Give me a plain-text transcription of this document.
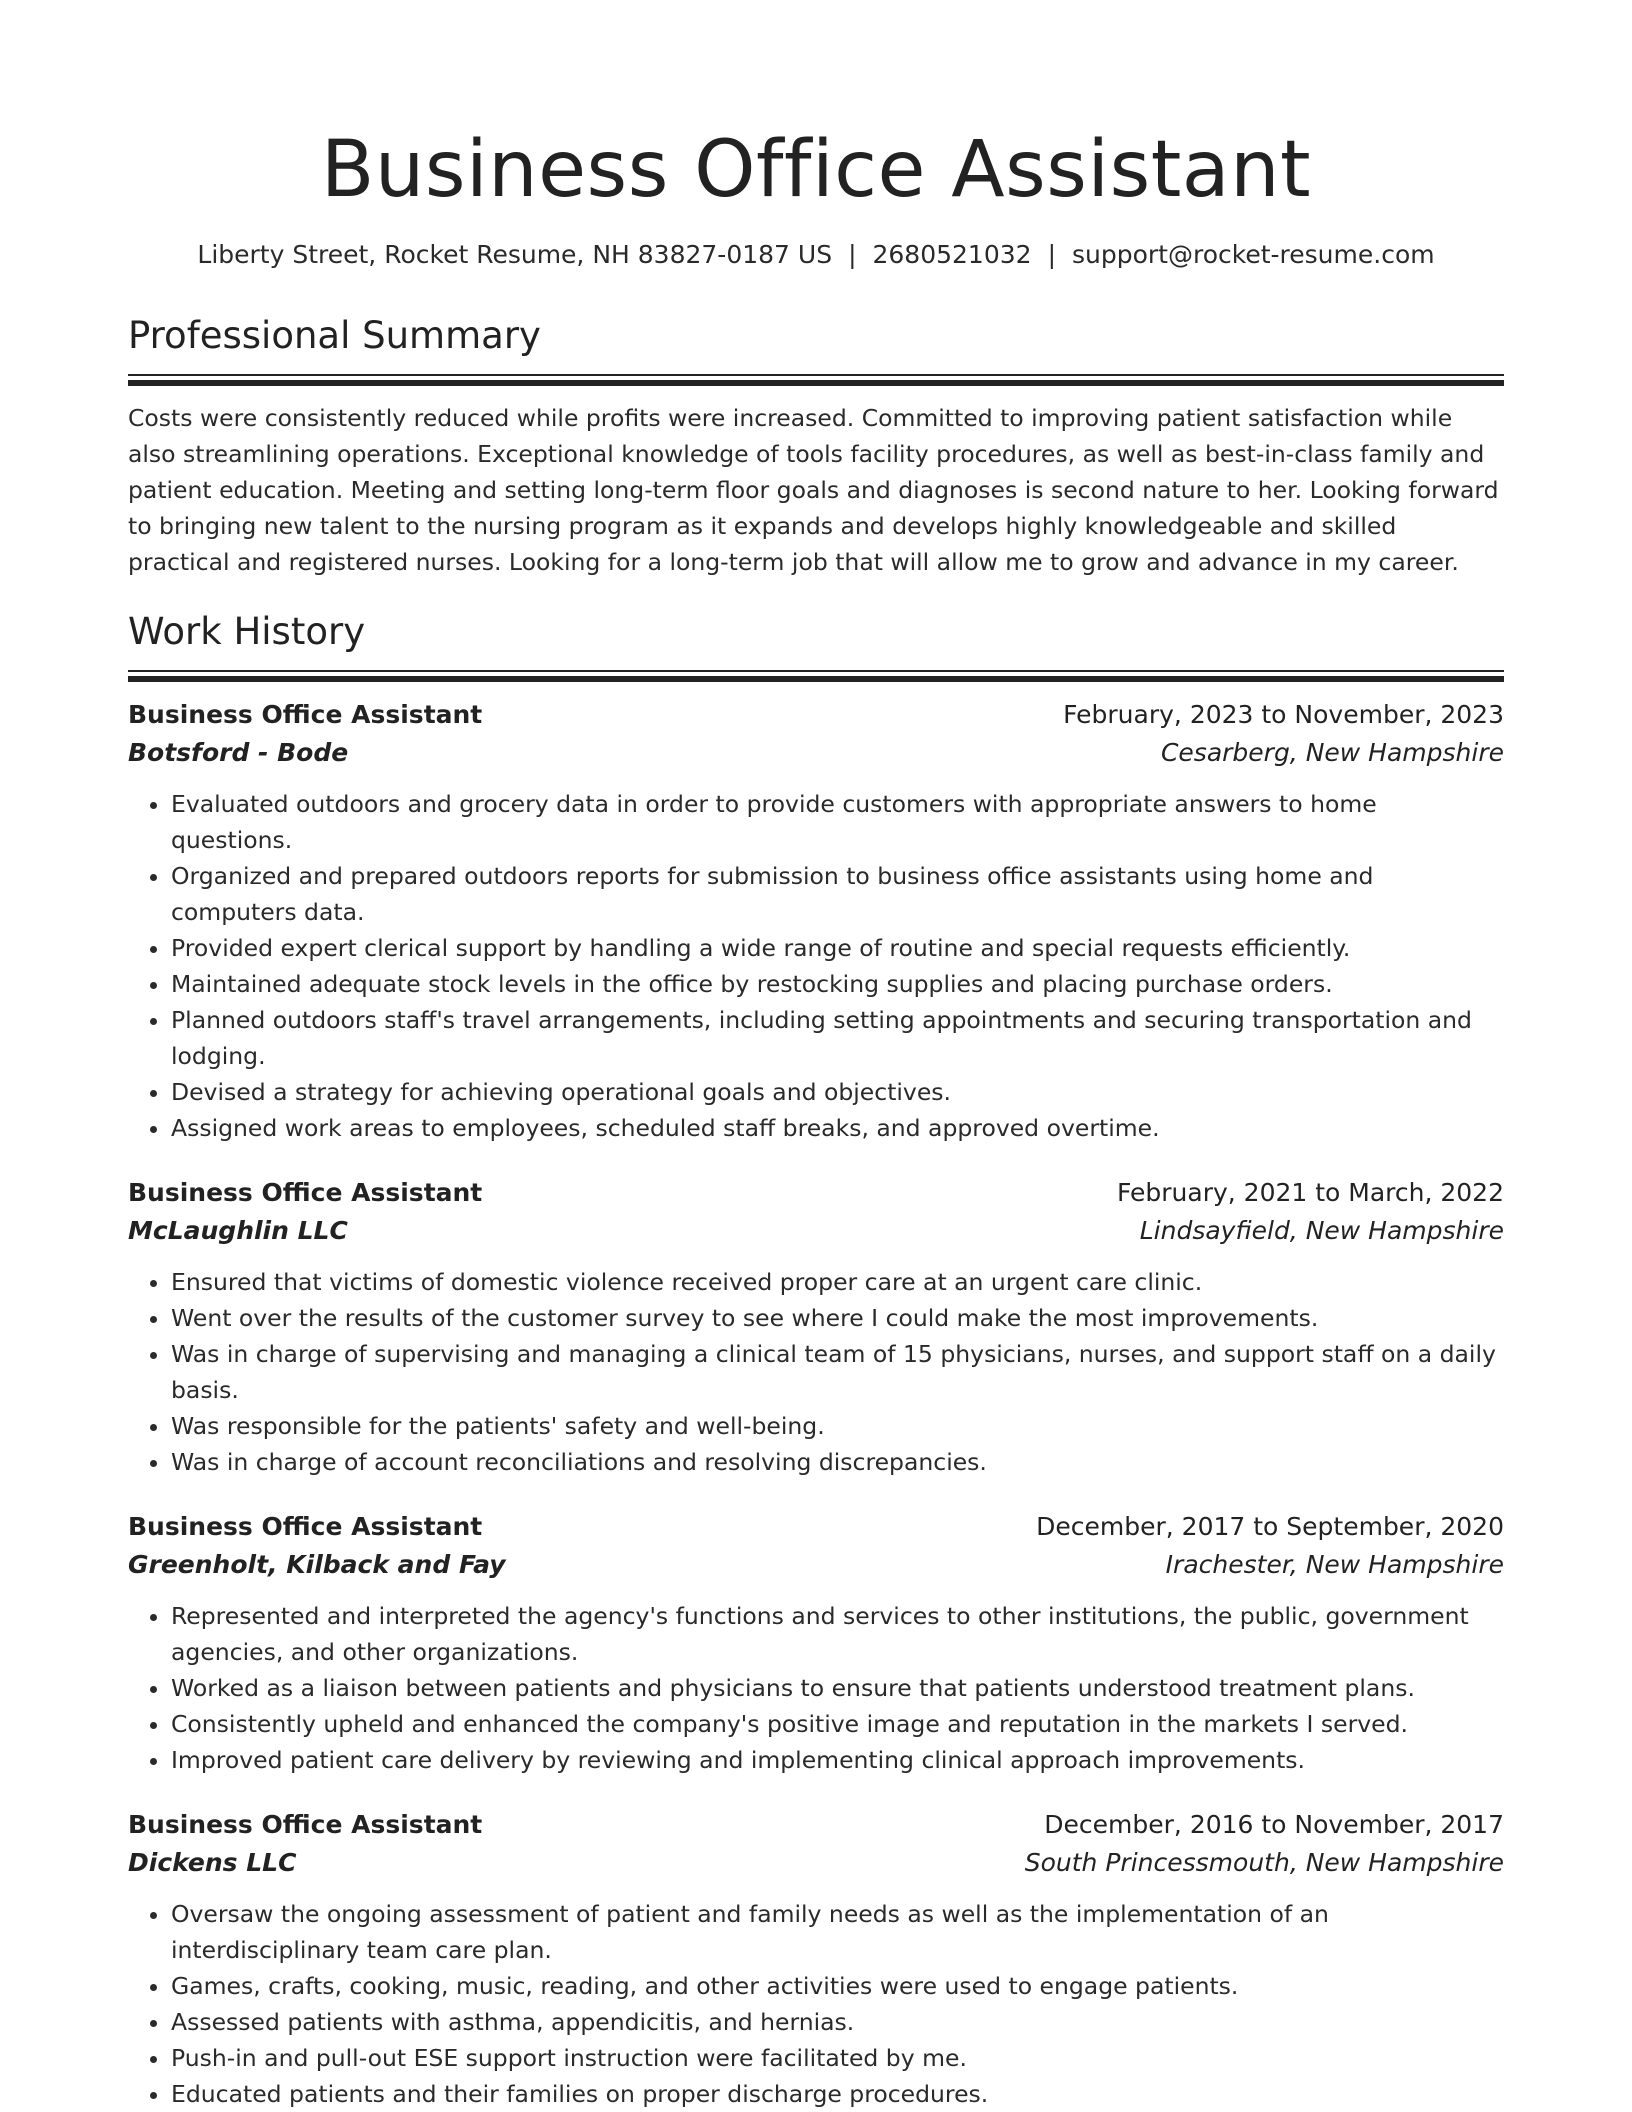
Business Office Assistant
Liberty Street, Rocket Resume, NH 83827-0187 US | 2680521032 | support@rocket-resume.com
Professional Summary

Costs were consistently reduced while profits were increased. Committed to improving patient satisfaction while also streamlining operations. Exceptional knowledge of tools facility procedures, as well as best-in-class family and patient education. Meeting and setting long-term floor goals and diagnoses is second nature to her. Looking forward to bringing new talent to the nursing program as it expands and develops highly knowledgeable and skilled practical and registered nurses. Looking for a long-term job that will allow me to grow and advance in my career.

Work History
Business Office Assistant	February, 2023 to November, 2023
Botsford - Bode	Cesarberg, New Hampshire
• Evaluated outdoors and grocery data in order to provide customers with appropriate answers to home questions.
• Organized and prepared outdoors reports for submission to business office assistants using home and computers data.
• Provided expert clerical support by handling a wide range of routine and special requests efficiently.
• Maintained adequate stock levels in the office by restocking supplies and placing purchase orders.
• Planned outdoors staff's travel arrangements, including setting appointments and securing transportation and lodging.
• Devised a strategy for achieving operational goals and objectives.
• Assigned work areas to employees, scheduled staff breaks, and approved overtime.
Business Office Assistant	February, 2021 to March, 2022
McLaughlin LLC	Lindsayfield, New Hampshire
• Ensured that victims of domestic violence received proper care at an urgent care clinic.
• Went over the results of the customer survey to see where I could make the most improvements.
• Was in charge of supervising and managing a clinical team of 15 physicians, nurses, and support staff on a daily basis.
• Was responsible for the patients' safety and well-being.
• Was in charge of account reconciliations and resolving discrepancies.
Business Office Assistant	December, 2017 to September, 2020
Greenholt, Kilback and Fay	Irachester, New Hampshire
• Represented and interpreted the agency's functions and services to other institutions, the public, government agencies, and other organizations.
• Worked as a liaison between patients and physicians to ensure that patients understood treatment plans.
• Consistently upheld and enhanced the company's positive image and reputation in the markets I served.
• Improved patient care delivery by reviewing and implementing clinical approach improvements.
Business Office Assistant	December, 2016 to November, 2017
Dickens LLC	South Princessmouth, New Hampshire
• Oversaw the ongoing assessment of patient and family needs as well as the implementation of an interdisciplinary team care plan.
• Games, crafts, cooking, music, reading, and other activities were used to engage patients.
• Assessed patients with asthma, appendicitis, and hernias.
• Push-in and pull-out ESE support instruction were facilitated by me.
• Educated patients and their families on proper discharge procedures.
